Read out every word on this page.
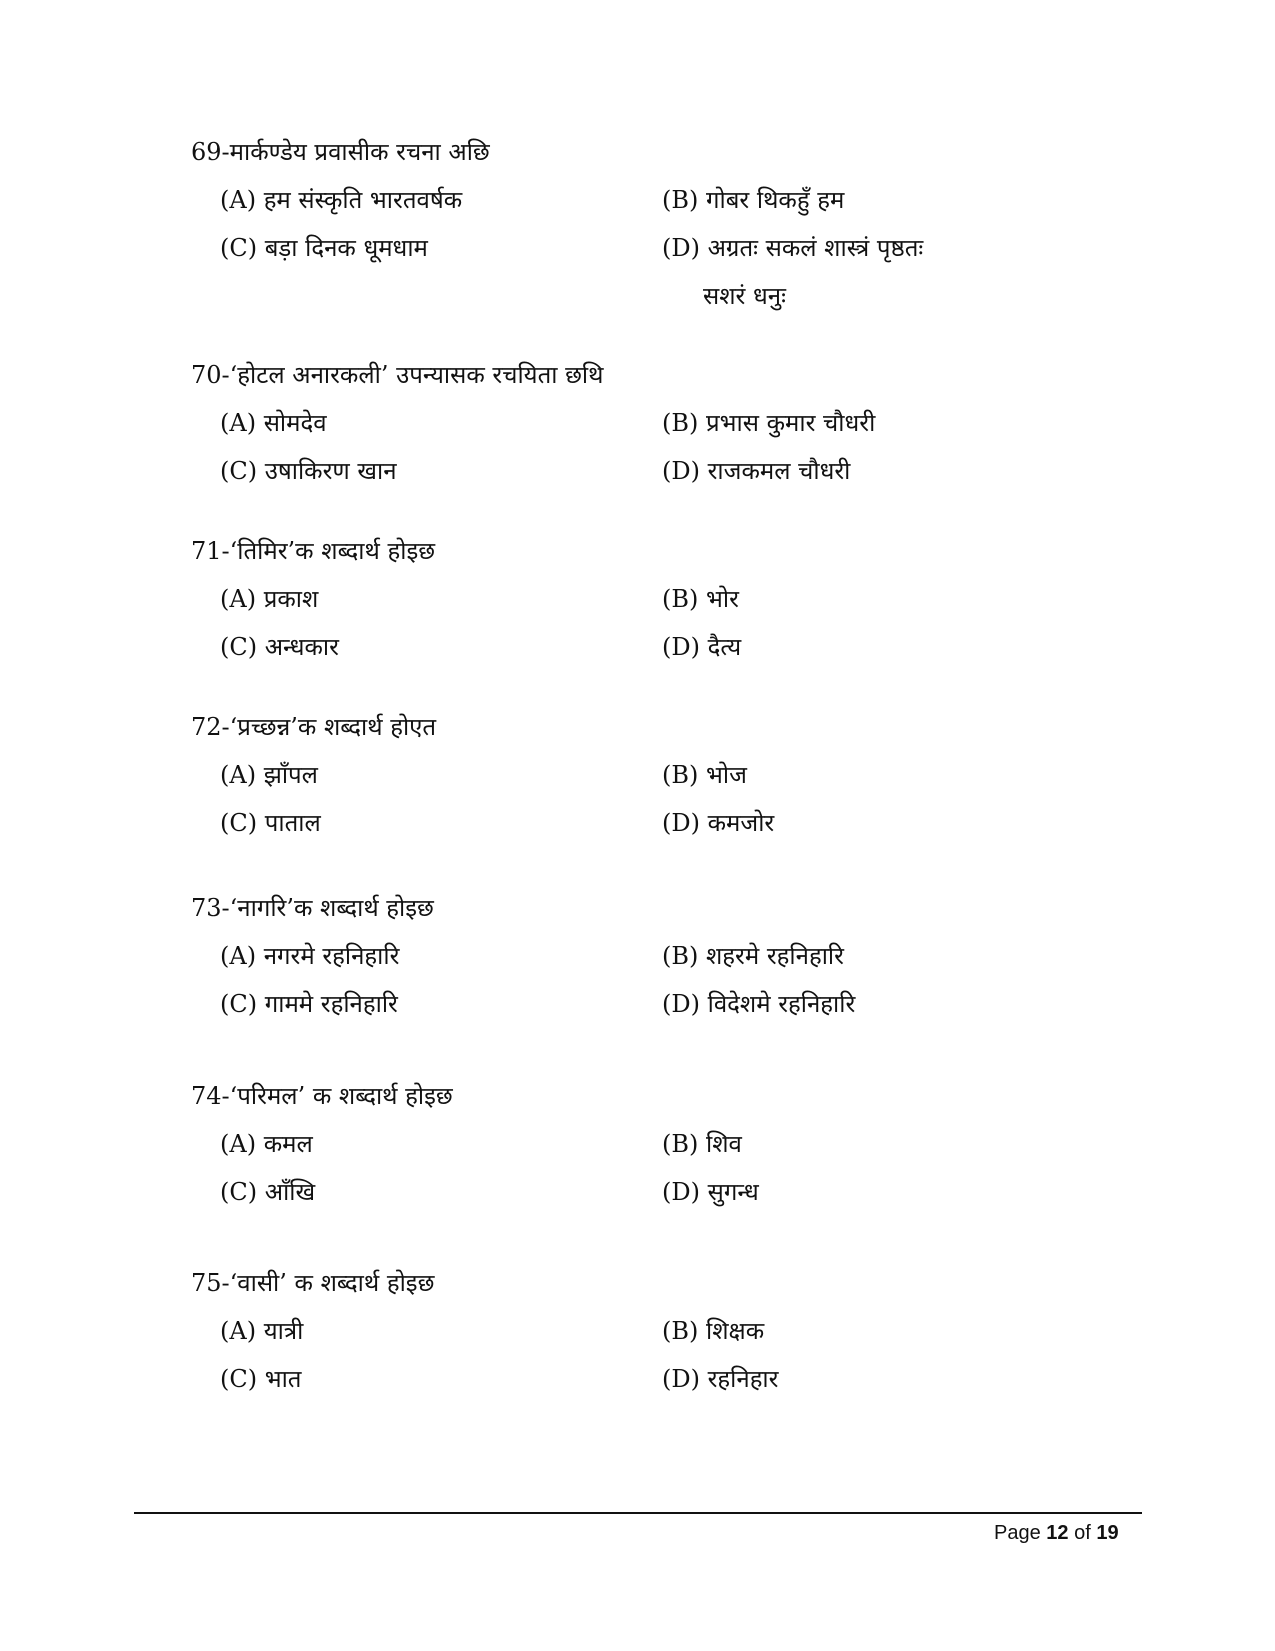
69-मार्कण्डेय प्रवासीक रचना अछि
(A) हम संस्कृति भारतवर्षक	(B) गोबर थिकहुँ हम
(C) बड़ा दिनक धूमधाम	(D) अग्रतः सकलं शास्त्रं पृष्ठतः
सशरं धनुः
70-‘होटल अनारकली’ उपन्यासक रचयिता छथि
(A) सोमदेव	(B) प्रभास कुमार चौधरी
(C) उषाकिरण खान	(D) राजकमल चौधरी
71-‘तिमिर’क शब्दार्थ होइछ
(A) प्रकाश	(B) भोर
(C) अन्धकार	(D) दैत्य
72-‘प्रच्छन्न’क शब्दार्थ होएत
(A) झाँपल	(B) भोज
(C) पाताल	(D) कमजोर
73-‘नागरि’क शब्दार्थ होइछ
(A) नगरमे रहनिहारि	(B) शहरमे रहनिहारि
(C) गाममे रहनिहारि	(D) विदेशमे रहनिहारि
74-‘परिमल’ क शब्दार्थ होइछ
(A) कमल	(B) शिव
(C) आँखि	(D) सुगन्ध
75-‘वासी’ क शब्दार्थ होइछ
(A) यात्री	(B) शिक्षक
(C) भात	(D) रहनिहार
Page 12 of 19
